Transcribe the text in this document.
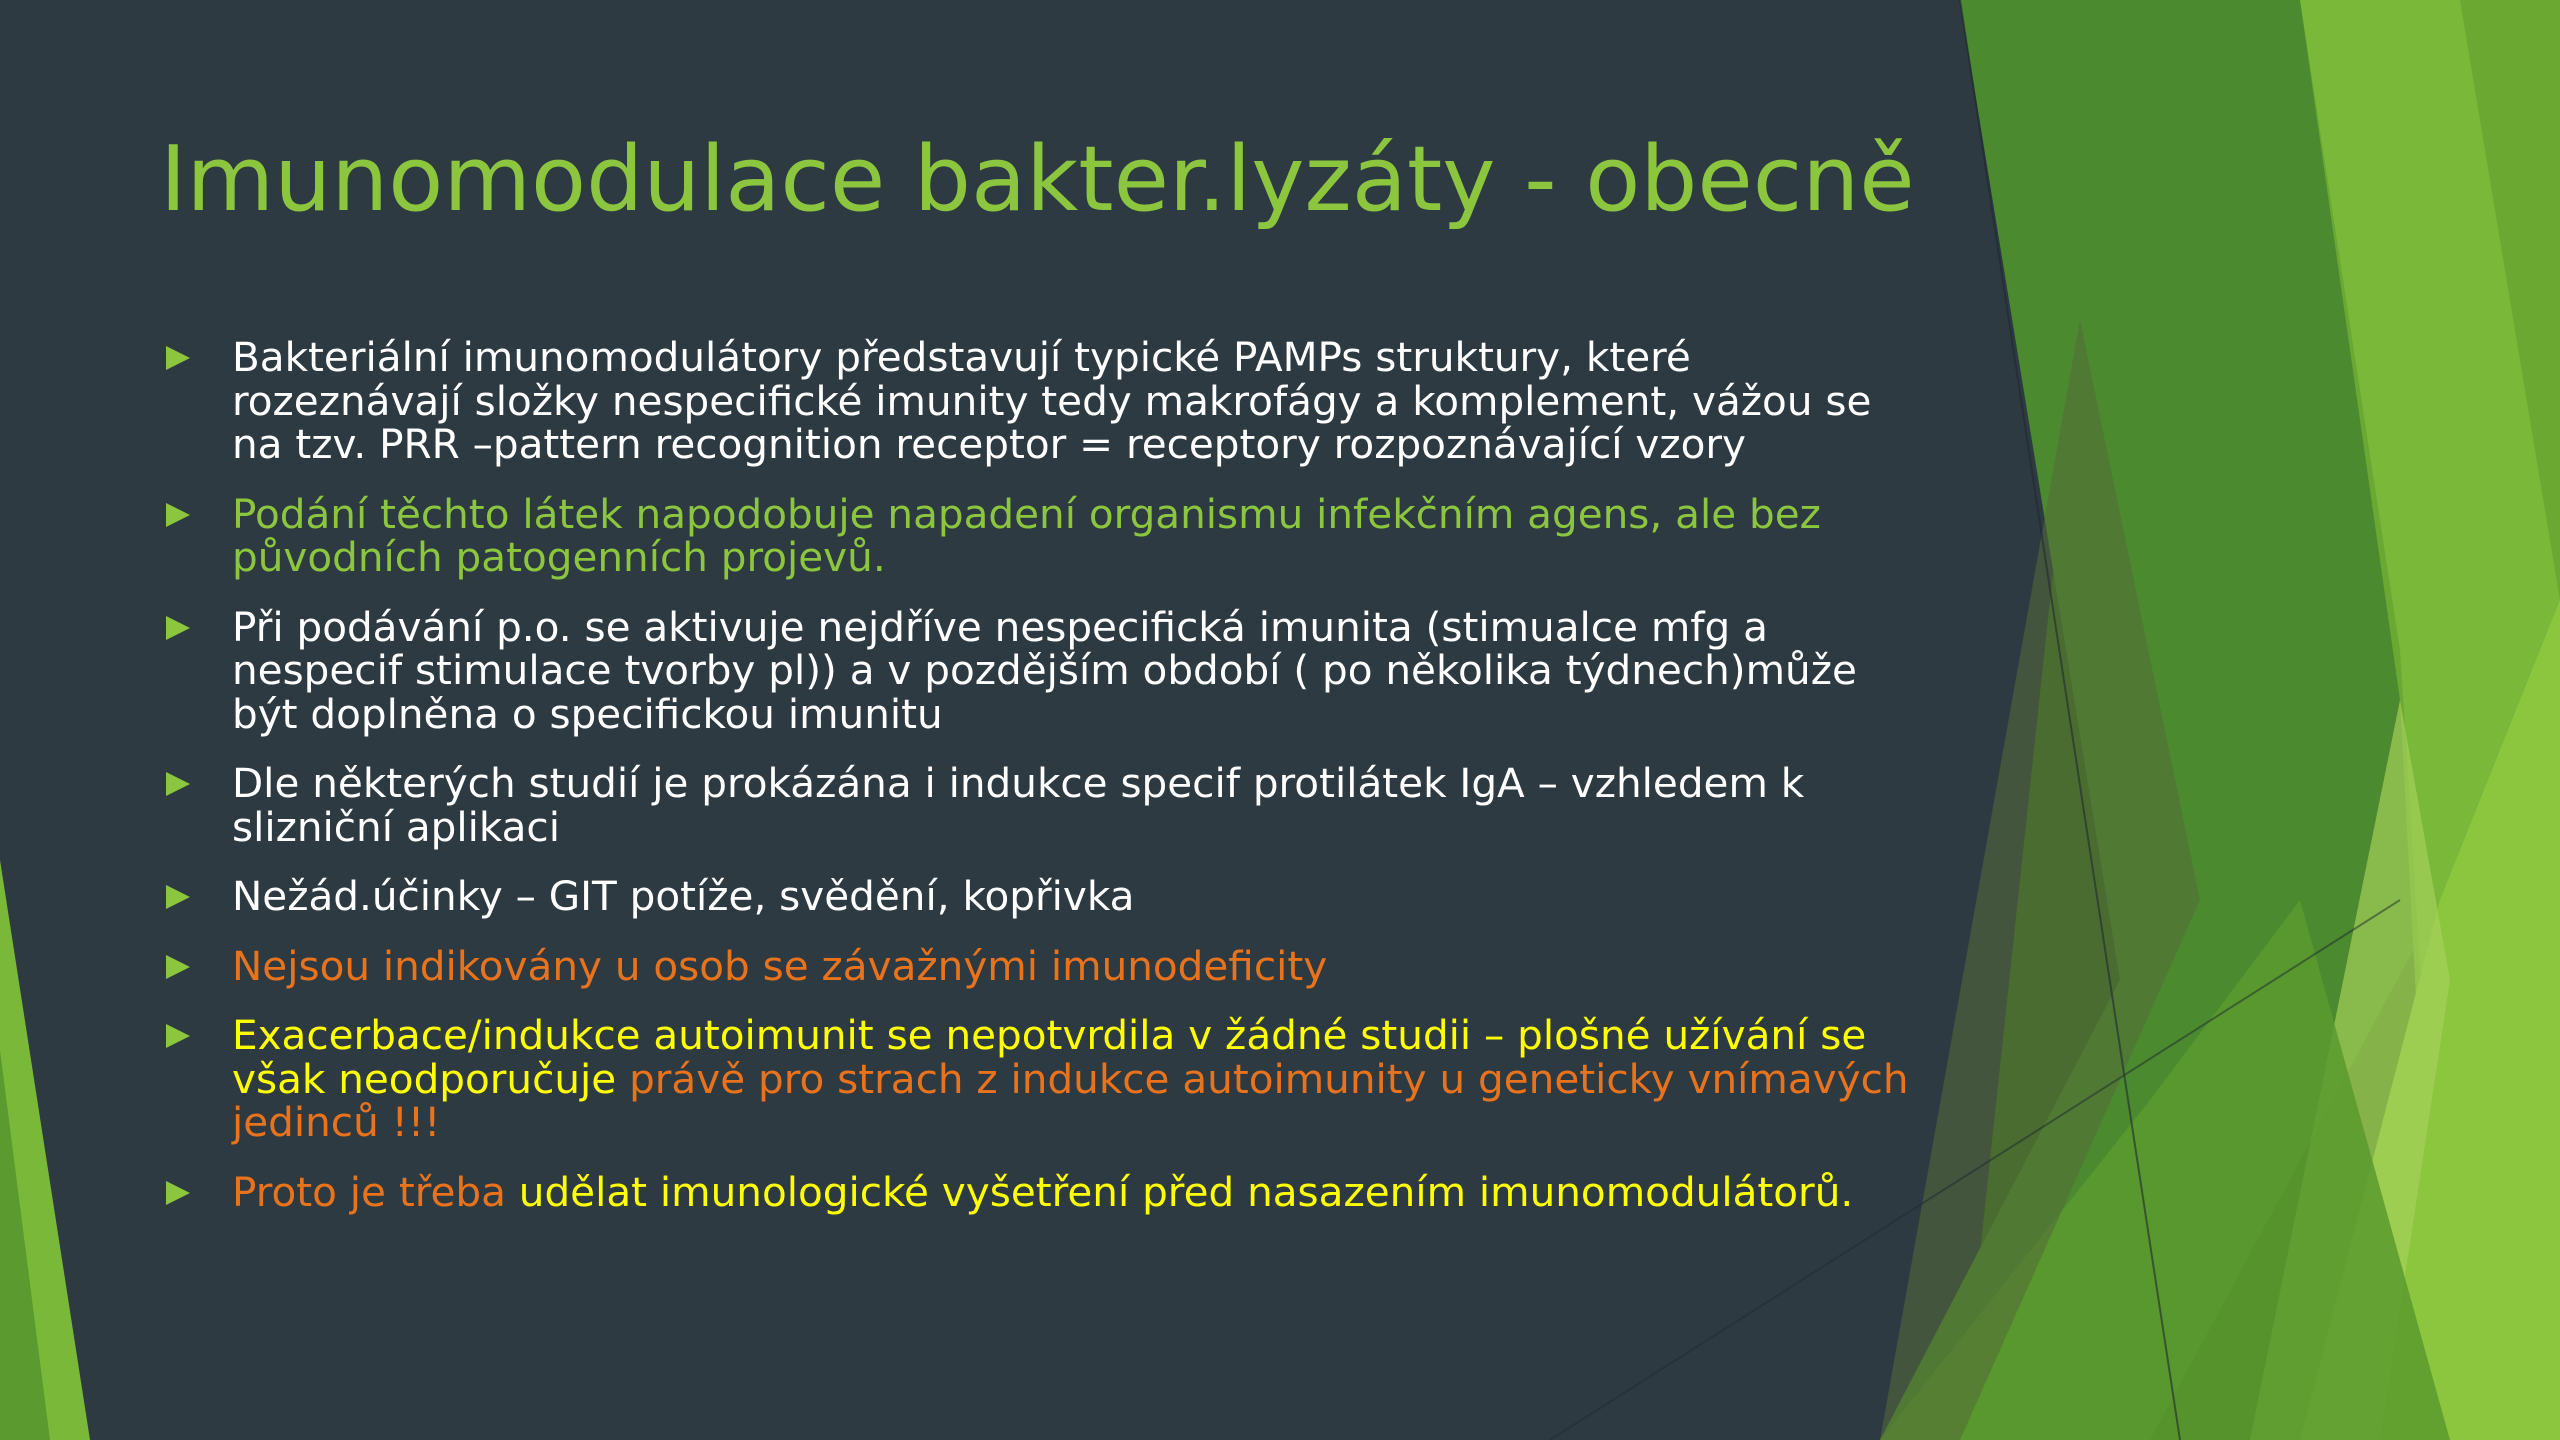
Imunomodulace bakter.lyzáty - obecně
Bakteriální imunomodulátory představují typické PAMPs struktury, které rozeznávají složky nespecifické imunity tedy makrofágy a komplement, vážou se na tzv. PRR –pattern recognition receptor = receptory rozpoznávající vzory
Podání těchto látek napodobuje napadení organismu infekčním agens, ale bez původních patogenních projevů.
Při podávání p.o. se aktivuje nejdříve nespecifická imunita (stimualce mfg a nespecif stimulace tvorby pl)) a v pozdějším období ( po několika týdnech)může být doplněna o specifickou imunitu
Dle některých studií je prokázána i indukce specif protilátek IgA – vzhledem k slizniční aplikaci
Nežád.účinky – GIT potíže, svědění, kopřivka
Nejsou indikovány u osob se závažnými imunodeficity
Exacerbace/indukce autoimunit se nepotvrdila v žádné studii – plošné užívání se však neodporučuje právě pro strach z indukce autoimunity u geneticky vnímavých jedinců !!!
Proto je třeba udělat imunologické vyšetření před nasazením imunomodulátorů.
